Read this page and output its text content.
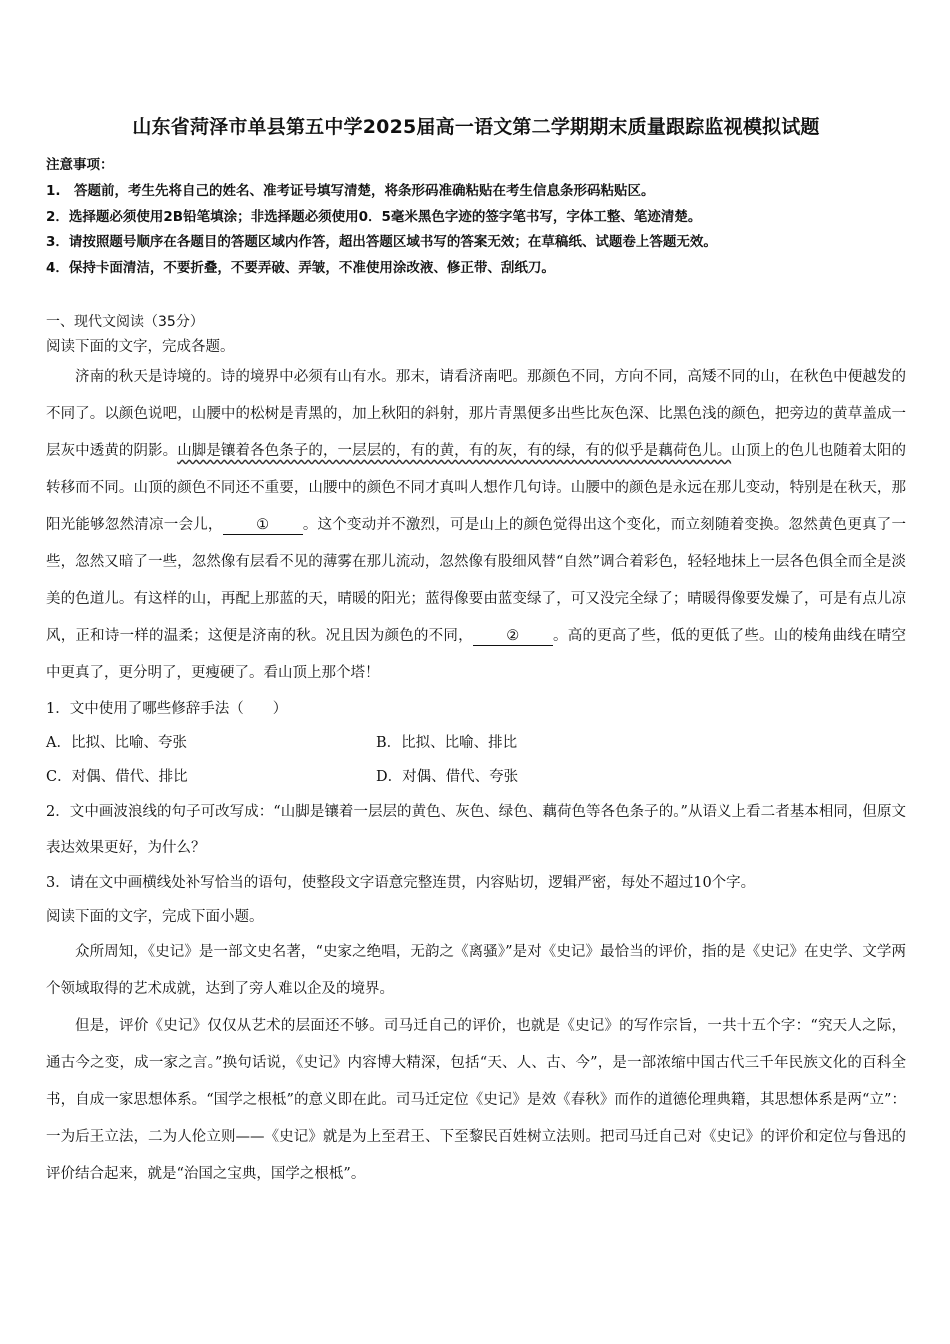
山东省菏泽市单县第五中学2025届高一语文第二学期期末质量跟踪监视模拟试题

注意事项：

1.　答题前，考生先将自己的姓名、准考证号填写清楚，将条形码准确粘贴在考生信息条形码粘贴区。

2．选择题必须使用2B铅笔填涂；非选择题必须使用0．5毫米黑色字迹的签字笔书写，字体工整、笔迹清楚。

3．请按照题号顺序在各题目的答题区域内作答，超出答题区域书写的答案无效；在草稿纸、试题卷上答题无效。

4．保持卡面清洁，不要折叠，不要弄破、弄皱，不准使用涂改液、修正带、刮纸刀。

一、现代文阅读（35分）

阅读下面的文字，完成各题。

济南的秋天是诗境的。诗的境界中必须有山有水。那末，请看济南吧。那颜色不同，方向不同，高矮不同的山，在秋色中便越发的不同了。以颜色说吧，山腰中的松树是青黑的，加上秋阳的斜射，那片青黑便多出些比灰色深、比黑色浅的颜色，把旁边的黄草盖成一层灰中透黄的阴影。山脚是镶着各色条子的，一层层的，有的黄，有的灰，有的绿，有的似乎是藕荷色儿。山顶上的色儿也随着太阳的转移而不同。山顶的颜色不同还不重要，山腰中的颜色不同才真叫人想作几句诗。山腰中的颜色是永远在那儿变动，特别是在秋天，那阳光能够忽然清凉一会儿， ① 。这个变动并不激烈，可是山上的颜色觉得出这个变化，而立刻随着变换。忽然黄色更真了一些，忽然又暗了一些，忽然像有层看不见的薄雾在那儿流动，忽然像有股细风替“自然”调合着彩色，轻轻地抹上一层各色俱全而全是淡美的色道儿。有这样的山，再配上那蓝的天，晴暖的阳光；蓝得像要由蓝变绿了，可又没完全绿了；晴暖得像要发燥了，可是有点儿凉风，正和诗一样的温柔；这便是济南的秋。况且因为颜色的不同， ② 。高的更高了些，低的更低了些。山的棱角曲线在晴空中更真了，更分明了，更瘦硬了。看山顶上那个塔！

1．文中使用了哪些修辞手法（　　）

A．比拟、比喻、夸张	B．比拟、比喻、排比
C．对偶、借代、排比	D．对偶、借代、夸张

2．文中画波浪线的句子可改写成：“山脚是镶着一层层的黄色、灰色、绿色、藕荷色等各色条子的。”从语义上看二者基本相同，但原文表达效果更好，为什么？

3．请在文中画横线处补写恰当的语句，使整段文字语意完整连贯，内容贴切，逻辑严密，每处不超过10个字。

阅读下面的文字，完成下面小题。

众所周知，《史记》是一部文史名著，“史家之绝唱，无韵之《离骚》”是对《史记》最恰当的评价，指的是《史记》在史学、文学两个领域取得的艺术成就，达到了旁人难以企及的境界。

但是，评价《史记》仅仅从艺术的层面还不够。司马迁自己的评价，也就是《史记》的写作宗旨，一共十五个字：“究天人之际，通古今之变，成一家之言。”换句话说，《史记》内容博大精深，包括“天、人、古、今”，是一部浓缩中国古代三千年民族文化的百科全书，自成一家思想体系。“国学之根柢”的意义即在此。司马迁定位《史记》是效《春秋》而作的道德伦理典籍，其思想体系是两“立”：一为后王立法，二为人伦立则——《史记》就是为上至君王、下至黎民百姓树立法则。把司马迁自己对《史记》的评价和定位与鲁迅的评价结合起来，就是“治国之宝典，国学之根柢”。
